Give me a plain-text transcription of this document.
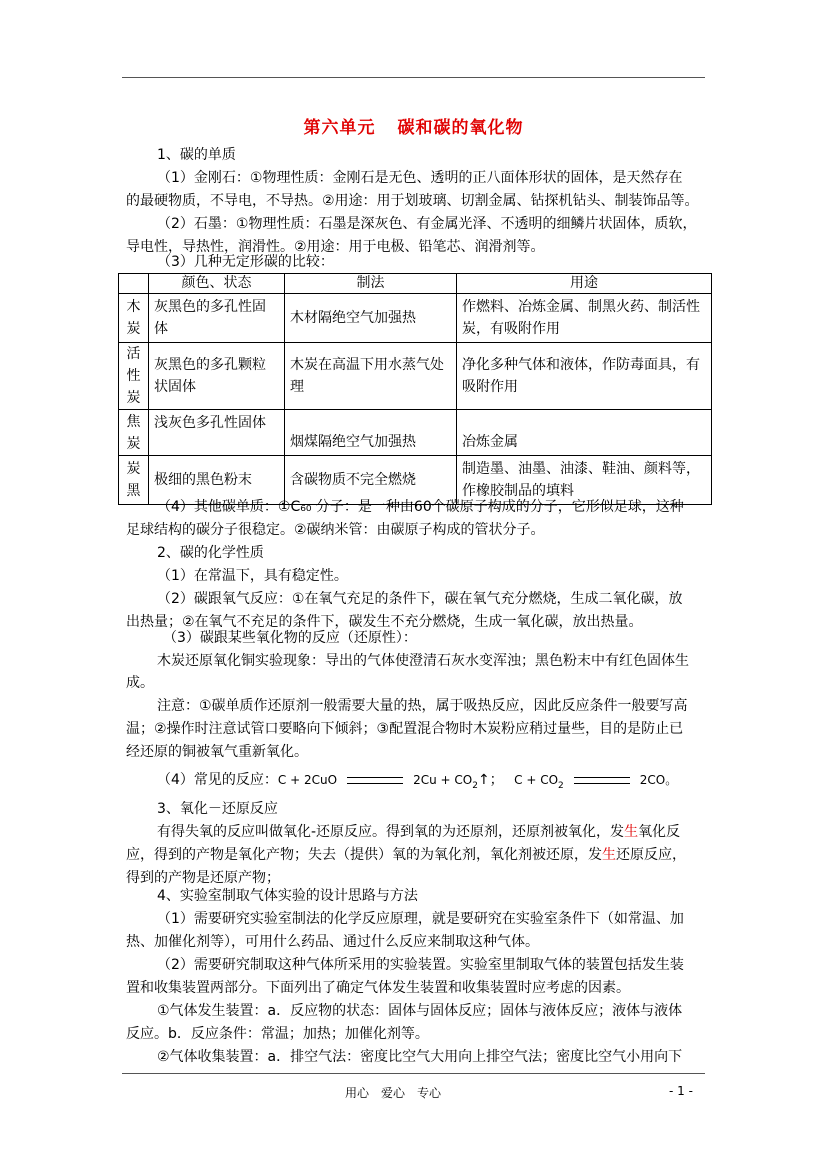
第六单元 碳和碳的氧化物
1、碳的单质
（1）金刚石：①物理性质：金刚石是无色、透明的正八面体形状的固体，是天然存在
的最硬物质，不导电，不导热。②用途：用于划玻璃、切割金属、钻探机钻头、制装饰品等。
（2）石墨：①物理性质：石墨是深灰色、有金属光泽、不透明的细鳞片状固体，质软，
导电性，导热性，润滑性。②用途：用于电极、铅笔芯、润滑剂等。
（3）几种无定形碳的比较：
	颜色、状态	制法	用途
木炭	灰黑色的多孔性固体	木材隔绝空气加强热	作燃料、冶炼金属、制黑火药、制活性炭，有吸附作用
活性炭	灰黑色的多孔颗粒状固体	木炭在高温下用水蒸气处理	净化多种气体和液体，作防毒面具，有吸附作用
焦炭	浅灰色多孔性固体	烟煤隔绝空气加强热	冶炼金属
炭黑	极细的黑色粉末	含碳物质不完全燃烧	制造墨、油墨、油漆、鞋油、颜料等，作橡胶制品的填料
（4）其他碳单质：①C₆₀ 分子：是一种由60个碳原子构成的分子，它形似足球，这种
足球结构的碳分子很稳定。②碳纳米管：由碳原子构成的管状分子。
2、碳的化学性质
（1）在常温下，具有稳定性。
（2）碳跟氧气反应：①在氧气充足的条件下，碳在氧气充分燃烧，生成二氧化碳，放
出热量；②在氧气不充足的条件下，碳发生不充分燃烧，生成一氧化碳，放出热量。
（3）碳跟某些氧化物的反应（还原性）：
木炭还原氧化铜实验现象：导出的气体使澄清石灰水变浑浊；黑色粉末中有红色固体生
成。
注意：①碳单质作还原剂一般需要大量的热，属于吸热反应，因此反应条件一般要写高
温；②操作时注意试管口要略向下倾斜；③配置混合物时木炭粉应稍过量些，目的是防止已
经还原的铜被氧气重新氧化。
（4）常见的反应：C + 2CuO	$2Cu + CO_2↑$； $C + CO_2$	2CO。
3、氧化－还原反应
有得失氧的反应叫做氧化-还原反应。得到氧的为还原剂，还原剂被氧化，发生氧化反
应，得到的产物是氧化产物；失去（提供）氧的为氧化剂，氧化剂被还原，发生还原反应，
得到的产物是还原产物；
4、实验室制取气体实验的设计思路与方法
（1）需要研究实验室制法的化学反应原理，就是要研究在实验室条件下（如常温、加
热、加催化剂等），可用什么药品、通过什么反应来制取这种气体。
（2）需要研究制取这种气体所采用的实验装置。实验室里制取气体的装置包括发生装
置和收集装置两部分。下面列出了确定气体发生装置和收集装置时应考虑的因素。
①气体发生装置：a．反应物的状态：固体与固体反应；固体与液体反应；液体与液体
反应。b．反应条件：常温；加热；加催化剂等。
②气体收集装置：a．排空气法：密度比空气大用向上排空气法；密度比空气小用向下
用心　爱心　专心	- 1 -
